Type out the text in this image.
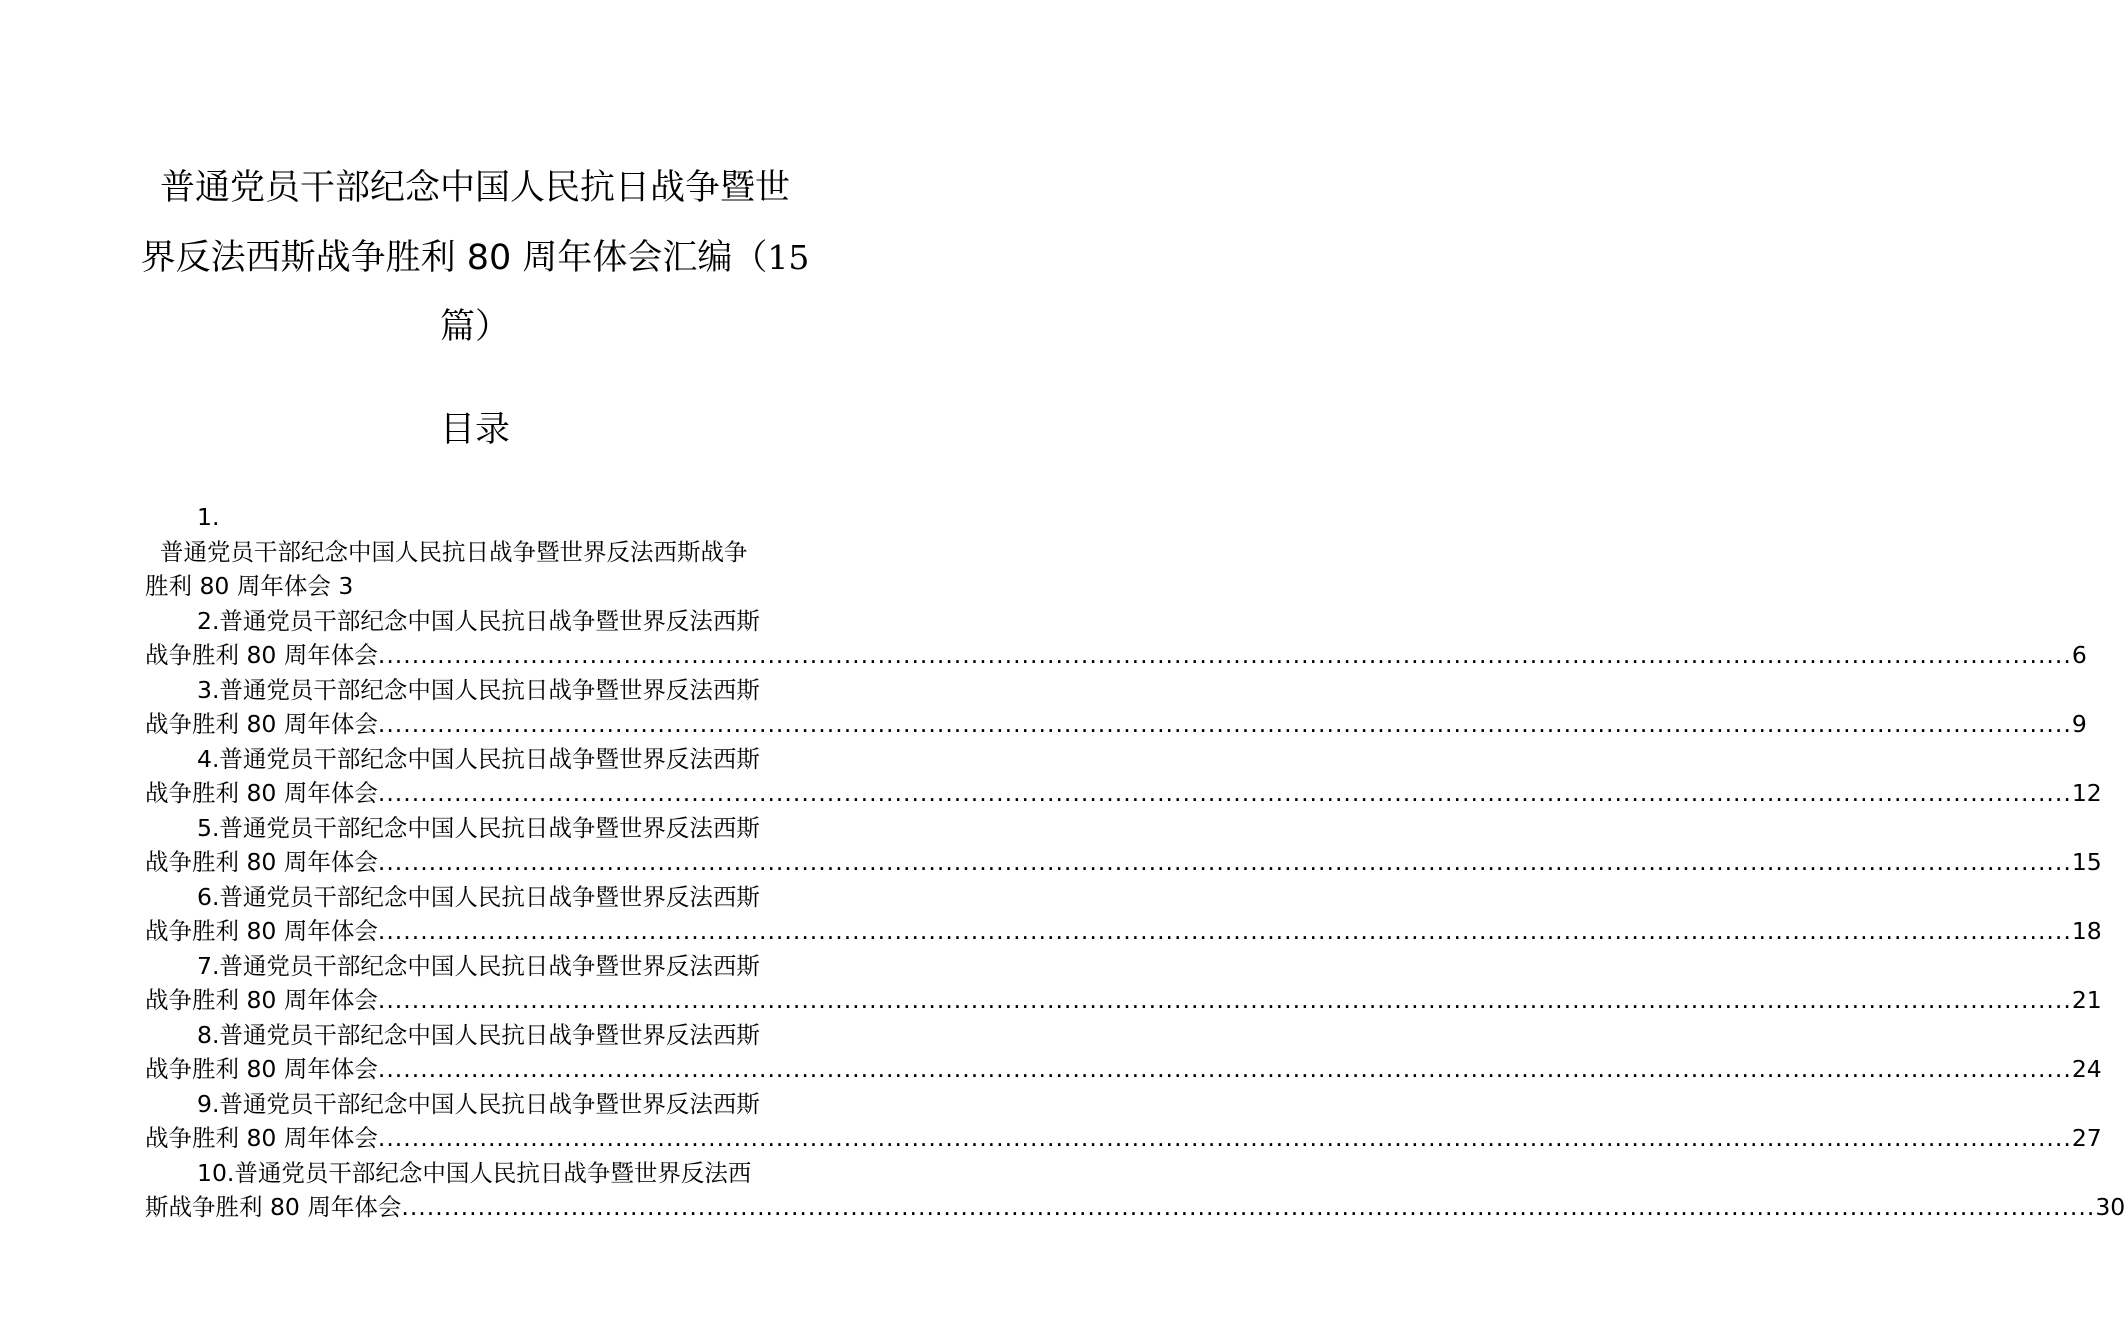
普通党员干部纪念中国人民抗日战争暨世
界反法西斯战争胜利 80 周年体会汇编（15
篇）
目录
1.
普通党员干部纪念中国人民抗日战争暨世界反法西斯战争
胜利 80 周年体会 3
2.普通党员干部纪念中国人民抗日战争暨世界反法西斯
战争胜利 80 周年体会 ........................................................................................................................................................................................................ 6
3.普通党员干部纪念中国人民抗日战争暨世界反法西斯
战争胜利 80 周年体会 ........................................................................................................................................................................................................ 9
4.普通党员干部纪念中国人民抗日战争暨世界反法西斯
战争胜利 80 周年体会 ........................................................................................................................................................................................................ 12
5.普通党员干部纪念中国人民抗日战争暨世界反法西斯
战争胜利 80 周年体会 ........................................................................................................................................................................................................ 15
6.普通党员干部纪念中国人民抗日战争暨世界反法西斯
战争胜利 80 周年体会 ........................................................................................................................................................................................................ 18
7.普通党员干部纪念中国人民抗日战争暨世界反法西斯
战争胜利 80 周年体会 ........................................................................................................................................................................................................ 21
8.普通党员干部纪念中国人民抗日战争暨世界反法西斯
战争胜利 80 周年体会 ........................................................................................................................................................................................................ 24
9.普通党员干部纪念中国人民抗日战争暨世界反法西斯
战争胜利 80 周年体会 ........................................................................................................................................................................................................ 27
10.普通党员干部纪念中国人民抗日战争暨世界反法西
斯战争胜利 80 周年体会 ........................................................................................................................................................................................................ 30
